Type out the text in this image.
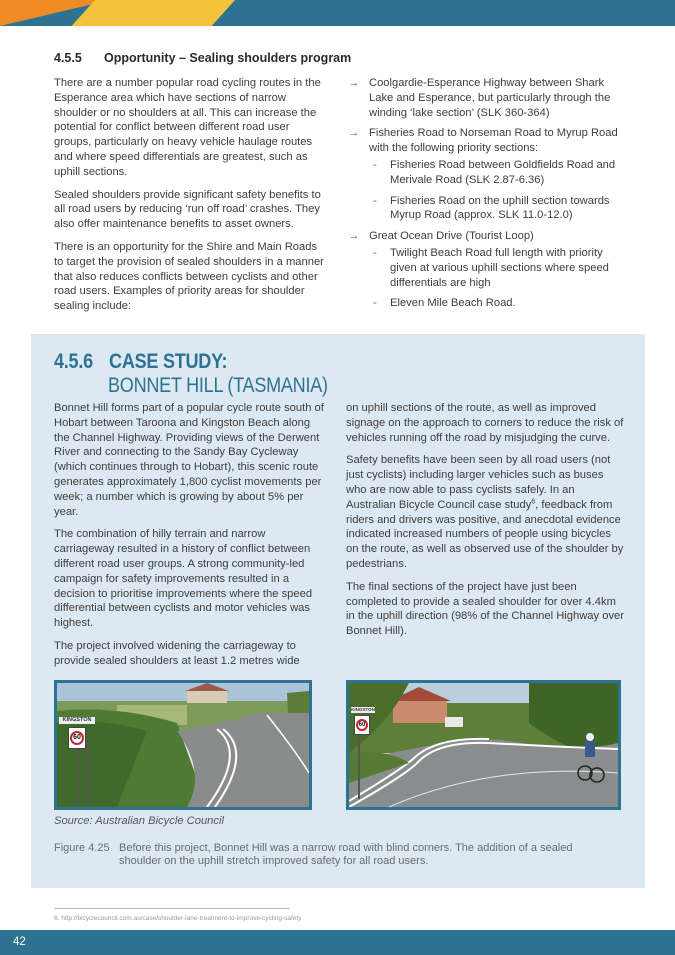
4.5.5 Opportunity – Sealing shoulders program

There are a number popular road cycling routes in the Esperance area which have sections of narrow shoulder or no shoulders at all. This can increase the potential for conflict between different road user groups, particularly on heavy vehicle haulage routes and where speed differentials are greatest, such as uphill sections.

Sealed shoulders provide significant safety benefits to all road users by reducing ‘run off road’ crashes. They also offer maintenance benefits to asset owners.

There is an opportunity for the Shire and Main Roads to target the provision of sealed shoulders in a manner that also reduces conflicts between cyclists and other road users. Examples of priority areas for shoulder sealing include:

→ Coolgardie-Esperance Highway between Shark Lake and Esperance, but particularly through the winding ‘lake section’ (SLK 360-364)
→ Fisheries Road to Norseman Road to Myrup Road with the following priority sections:
- Fisheries Road between Goldfields Road and Merivale Road (SLK 2.87-6.36)
- Fisheries Road on the uphill section towards Myrup Road (approx. SLK 11.0-12.0)
→ Great Ocean Drive (Tourist Loop)
- Twilight Beach Road full length with priority given at various uphill sections where speed differentials are high
- Eleven Mile Beach Road.
4.5.6 CASE STUDY:
BONNET HILL (TASMANIA)

Bonnet Hill forms part of a popular cycle route south of Hobart between Taroona and Kingston Beach along the Channel Highway. Providing views of the Derwent River and connecting to the Sandy Bay Cycleway (which continues through to Hobart), this scenic route generates approximately 1,800 cyclist movements per week; a number which is growing by about 5% per year.

The combination of hilly terrain and narrow carriageway resulted in a history of conflict between different road user groups. A strong community-led campaign for safety improvements resulted in a decision to prioritise improvements where the speed differential between cyclists and motor vehicles was highest.

The project involved widening the carriageway to provide sealed shoulders at least 1.2 metres wide

on uphill sections of the route, as well as improved signage on the approach to corners to reduce the risk of vehicles running off the road by misjudging the curve.

Safety benefits have been seen by all road users (not just cyclists) including larger vehicles such as buses who are now able to pass cyclists safely. In an Australian Bicycle Council case study$^6$, feedback from riders and drivers was positive, and anecdotal evidence indicated increased numbers of people using bicycles on the route, as well as observed use of the shoulder by pedestrians.

The final sections of the project have just been completed to provide a sealed shoulder for over 4.4km in the uphill direction (98% of the Channel Highway over Bonnet Hill).

KINGSTON
60
KINGSTON
60
Source: Australian Bicycle Council
Figure 4.25 Before this project, Bonnet Hill was a narrow road with blind corners. The addition of a sealed shoulder on the uphill stretch improved safety for all road users.
6. http://bicyclecouncil.com.au/case/shoulder-lane-treatment-to-improve-cycling-safety
42
